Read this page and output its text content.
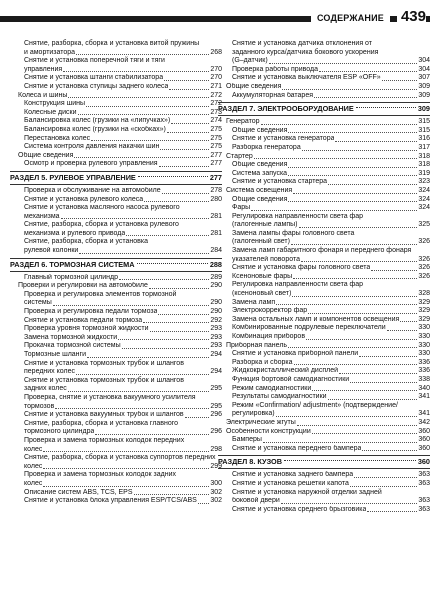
СОДЕРЖАНИЕ	439
Снятие, разборка, сборка и установка витой пружины
и амортизатора	268
Снятие и установка поперечной тяги и тяги
управления	270
Снятие и установка штанги стабилизатора	270
Снятие и установка ступицы заднего колеса	271
Колеса и шины	272
Конструкция шины	272
Колесные диски	273
Балансировка колес (грузики на «липучках»)	274
Балансировка колес (грузики на «скобках»)	275
Перестановка колес	275
Система контроля давления накачки шин	275
Общие сведения	277
Осмотр и проверка рулевого управления	277
РАЗДЕЛ 5. РУЛЕВОЕ УПРАВЛЕНИЕ	277
Проверка и обслуживание на автомобиле	278
Снятие и установка рулевого колеса	280
Снятие и установка масляного насоса рулевого
механизма	281
Снятие, разборка, сборка и установка рулевого
механизма и рулевого привода	281
Снятие, разборка, сборка и установка
рулевой колонки	284
РАЗДЕЛ 6. ТОРМОЗНАЯ СИСТЕМА	288
Главный тормозной цилиндр	289
Проверки и регулировки на автомобиле	290
Проверка и регулировка элементов тормозной
системы	290
Проверка и регулировка педали тормоза	290
Снятие и установка педали тормоза	292
Проверка уровня тормозной жидкости	293
Замена тормозной жидкости	293
Прокачка тормозной системы	293
Тормозные шланги	294
Снятие и установка тормозных трубок и шлангов
передних колес	294
Снятие и установка тормозных трубок и шлангов
задних колес	295
Проверка, снятие и установка вакуумного усилителя
тормозов	295
Снятие и установка вакуумных трубок и шлангов	296
Снятие, разборка, сборка и установка главного
тормозного цилиндра	296
Проверка и замена тормозных колодок передних
колес	298
Снятие, разборка, сборка и установка суппортов передних
колес	299
Проверка и замена тормозных колодок задних
колес	300
Описание систем ABS, TCS, EPS	302
Снятие и установка блока управления ESP/TCS/ABS 302
Снятие и установка датчика отклонения от
заданного курса/датчика бокового ускорения
(G–датчик)	304
Проверка работы привода	304
Снятие и установка выключателя ESP «OFF»	307
Общие сведения	309
Аккумуляторная батарея	309
РАЗДЕЛ 7. ЭЛЕКТРООБОРУДОВАНИЕ	309
Генератор	315
Общие сведения	315
Снятие и установка генератора	316
Разборка генератора	317
Стартер	318
Общие сведения	318
Система запуска	319
Снятие и установка стартера	323
Система освещения	324
Общие сведения	324
Фары	324
Регулировка направленности света фар
(галогенные лампы)	325
Замена лампы фары головного света
(галогенный свет)	326
Замена ламп габаритного фонаря и переднего фонаря
указателей поворота	326
Снятие и установка фары головного света	326
Ксеноновые фары	326
Регулировка направленности света фар
(ксеноновый свет)	328
Замена ламп	329
Электрокорректор фар	329
Замена остальных ламп и компонентов освещения	329
Комбинированные подрулевые переключатели	330
Комбинация приборов	330
Приборная панель	330
Снятие и установка приборной панели	330
Разборка и сборка	336
Жидкокристаллический дисплей	336
Функция бортовой самодиагностики	338
Режим самодиагностики	340
Результаты самодиагностики	341
Режим «Confirmation/ adjustment» (подтверждение/
регулировка)	341
Электрические жгуты	342
Особенности конструкции	360
Бамперы	360
Снятие и установка переднего бампера	360
РАЗДЕЛ 8. КУЗОВ	360
Снятие и установка заднего бампера	363
Снятие и установка решетки капота	363
Снятие и установка наружной отделки задней
боковой двери	363
Снятие и установка среднего брызговика	363
